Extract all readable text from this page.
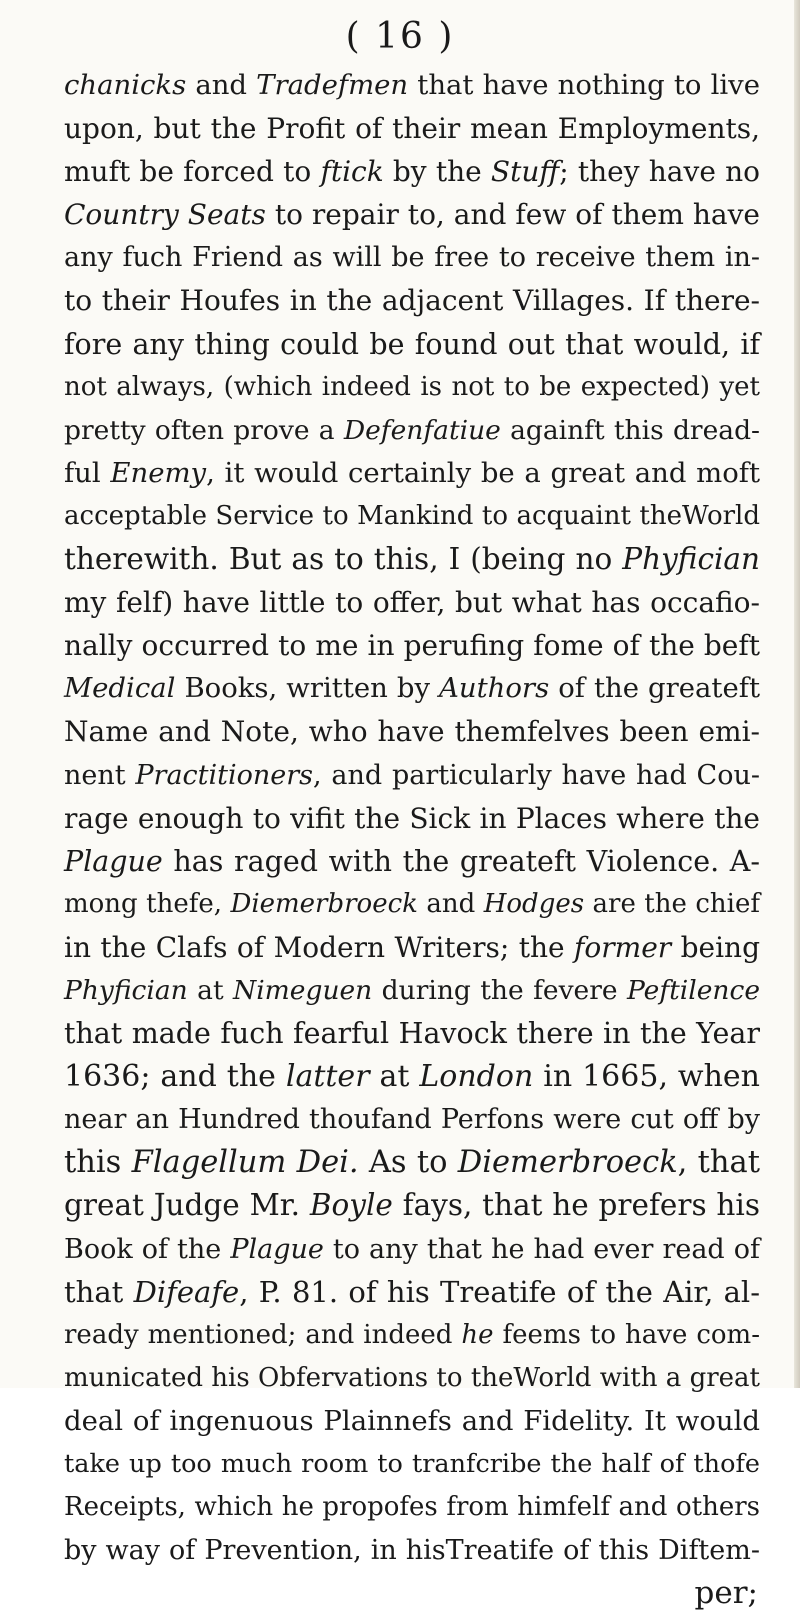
( 16 )
chanicks and Tradefmen that have nothing to live
upon, but the Profit of their mean Employments,
muft be forced to ftick by the Stuff; they have no
Country Seats to repair to, and few of them have
any fuch Friend as will be free to receive them in-
to their Houfes in the adjacent Villages. If there-
fore any thing could be found out that would, if
not always, (which indeed is not to be expected) yet
pretty often prove a Defenfatiue againft this dread-
ful Enemy, it would certainly be a great and moft
acceptable Service to Mankind to acquaint theWorld
therewith. But as to this, I (being no Phyfician
my felf) have little to offer, but what has occafio-
nally occurred to me in perufing fome of the beft
Medical Books, written by Authors of the greateft
Name and Note, who have themfelves been emi-
nent Practitioners, and particularly have had Cou-
rage enough to vifit the Sick in Places where the
Plague has raged with the greateft Violence. A-
mong thefe, Diemerbroeck and Hodges are the chief
in the Clafs of Modern Writers; the former being
Phyfician at Nimeguen during the fevere Peftilence
that made fuch fearful Havock there in the Year
1636; and the latter at London in 1665, when
near an Hundred thoufand Perfons were cut off by
this Flagellum Dei. As to Diemerbroeck, that
great Judge Mr. Boyle fays, that he prefers his
Book of the Plague to any that he had ever read of
that Difeafe, P. 81. of his Treatife of the Air, al-
ready mentioned; and indeed he feems to have com-
municated his Obfervations to theWorld with a great
deal of ingenuous Plainnefs and Fidelity. It would
take up too much room to tranfcribe the half of thofe
Receipts, which he propofes from himfelf and others
by way of Prevention, in hisTreatife of this Diftem-
per;
